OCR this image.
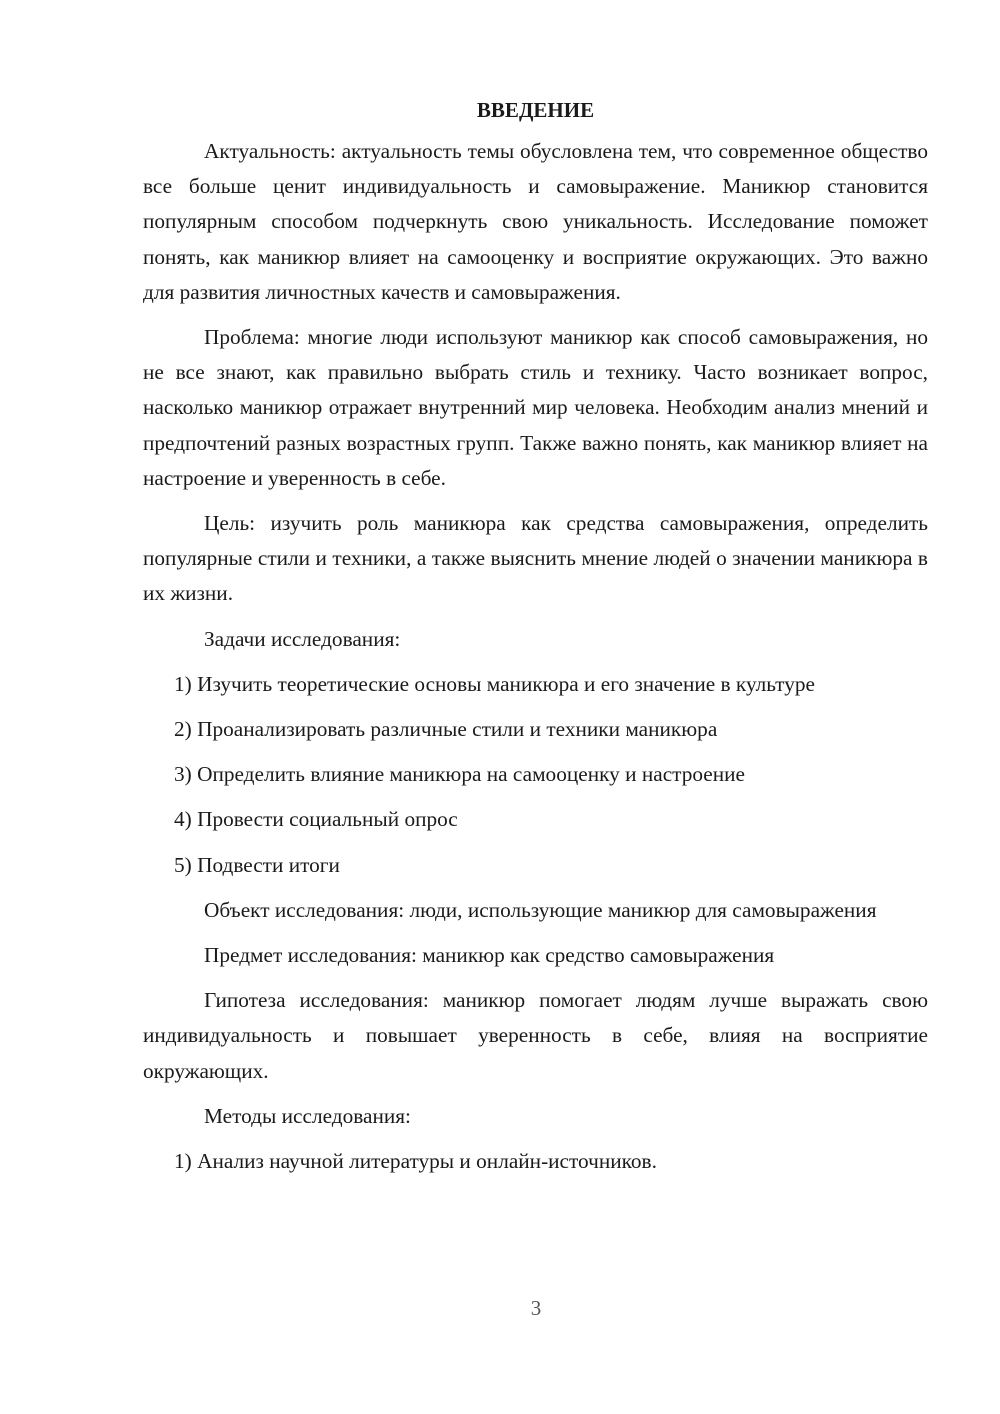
ВВЕДЕНИЕ

Актуальность: актуальность темы обусловлена тем, что современное общество все больше ценит индивидуальность и самовыражение. Маникюр становится популярным способом подчеркнуть свою уникальность. Исследование поможет понять, как маникюр влияет на самооценку и восприятие окружающих. Это важно для развития личностных качеств и самовыражения.

Проблема: многие люди используют маникюр как способ самовыражения, но не все знают, как правильно выбрать стиль и технику. Часто возникает вопрос, насколько маникюр отражает внутренний мир человека. Необходим анализ мнений и предпочтений разных возрастных групп. Также важно понять, как маникюр влияет на настроение и уверенность в себе.

Цель: изучить роль маникюра как средства самовыражения, определить популярные стили и техники, а также выяснить мнение людей о значении маникюра в их жизни.

Задачи исследования:

1) Изучить теоретические основы маникюра и его значение в культуре
2) Проанализировать различные стили и техники маникюра
3) Определить влияние маникюра на самооценку и настроение
4) Провести социальный опрос
5) Подвести итоги

Объект исследования: люди, использующие маникюр для самовыражения

Предмет исследования: маникюр как средство самовыражения

Гипотеза исследования: маникюр помогает людям лучше выражать свою индивидуальность и повышает уверенность в себе, влияя на восприятие окружающих.

Методы исследования:

1) Анализ научной литературы и онлайн-источников.
3
